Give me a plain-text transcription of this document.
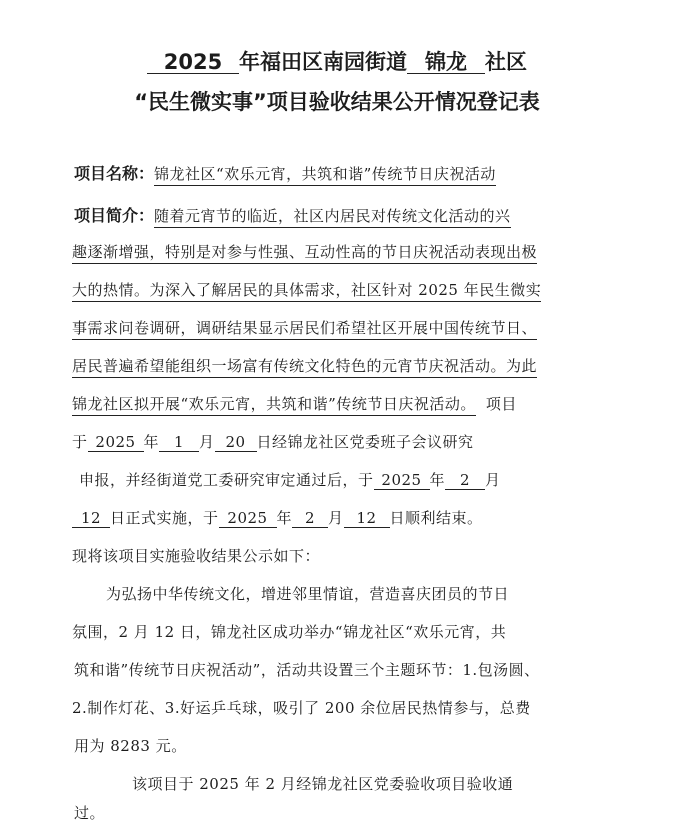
2025 年福田区南园街道 锦龙 社区
“民生微实事”项目验收结果公开情况登记表
项目名称：锦龙社区“欢乐元宵，共筑和谐”传统节日庆祝活动
项目简介：随着元宵节的临近，社区内居民对传统文化活动的兴
趣逐渐增强，特别是对参与性强、互动性高的节日庆祝活动表现出极
大的热情。为深入了解居民的具体需求，社区针对 2025 年民生微实
事需求问卷调研，调研结果显示居民们希望社区开展中国传统节日、
居民普遍希望能组织一场富有传统文化特色的元宵节庆祝活动。为此
锦龙社区拟开展“欢乐元宵，共筑和谐”传统节日庆祝活动。 项目
于 2025 年 1 月 20 日经锦龙社区党委班子会议研究
申报，并经街道党工委研究审定通过后，于 2025 年 2 月
12 日正式实施，于 2025 年 2 月 12 日顺利结束。
现将该项目实施验收结果公示如下：
为弘扬中华传统文化，增进邻里情谊，营造喜庆团员的节日
氛围，2 月 12 日，锦龙社区成功举办“锦龙社区“欢乐元宵，共
筑和谐”传统节日庆祝活动”，活动共设置三个主题环节：1.包汤圆、
2.制作灯花、3.好运乒乓球，吸引了 200 余位居民热情参与，总费
用为 8283 元。
该项目于 2025 年 2 月经锦龙社区党委验收项目验收通
过。
